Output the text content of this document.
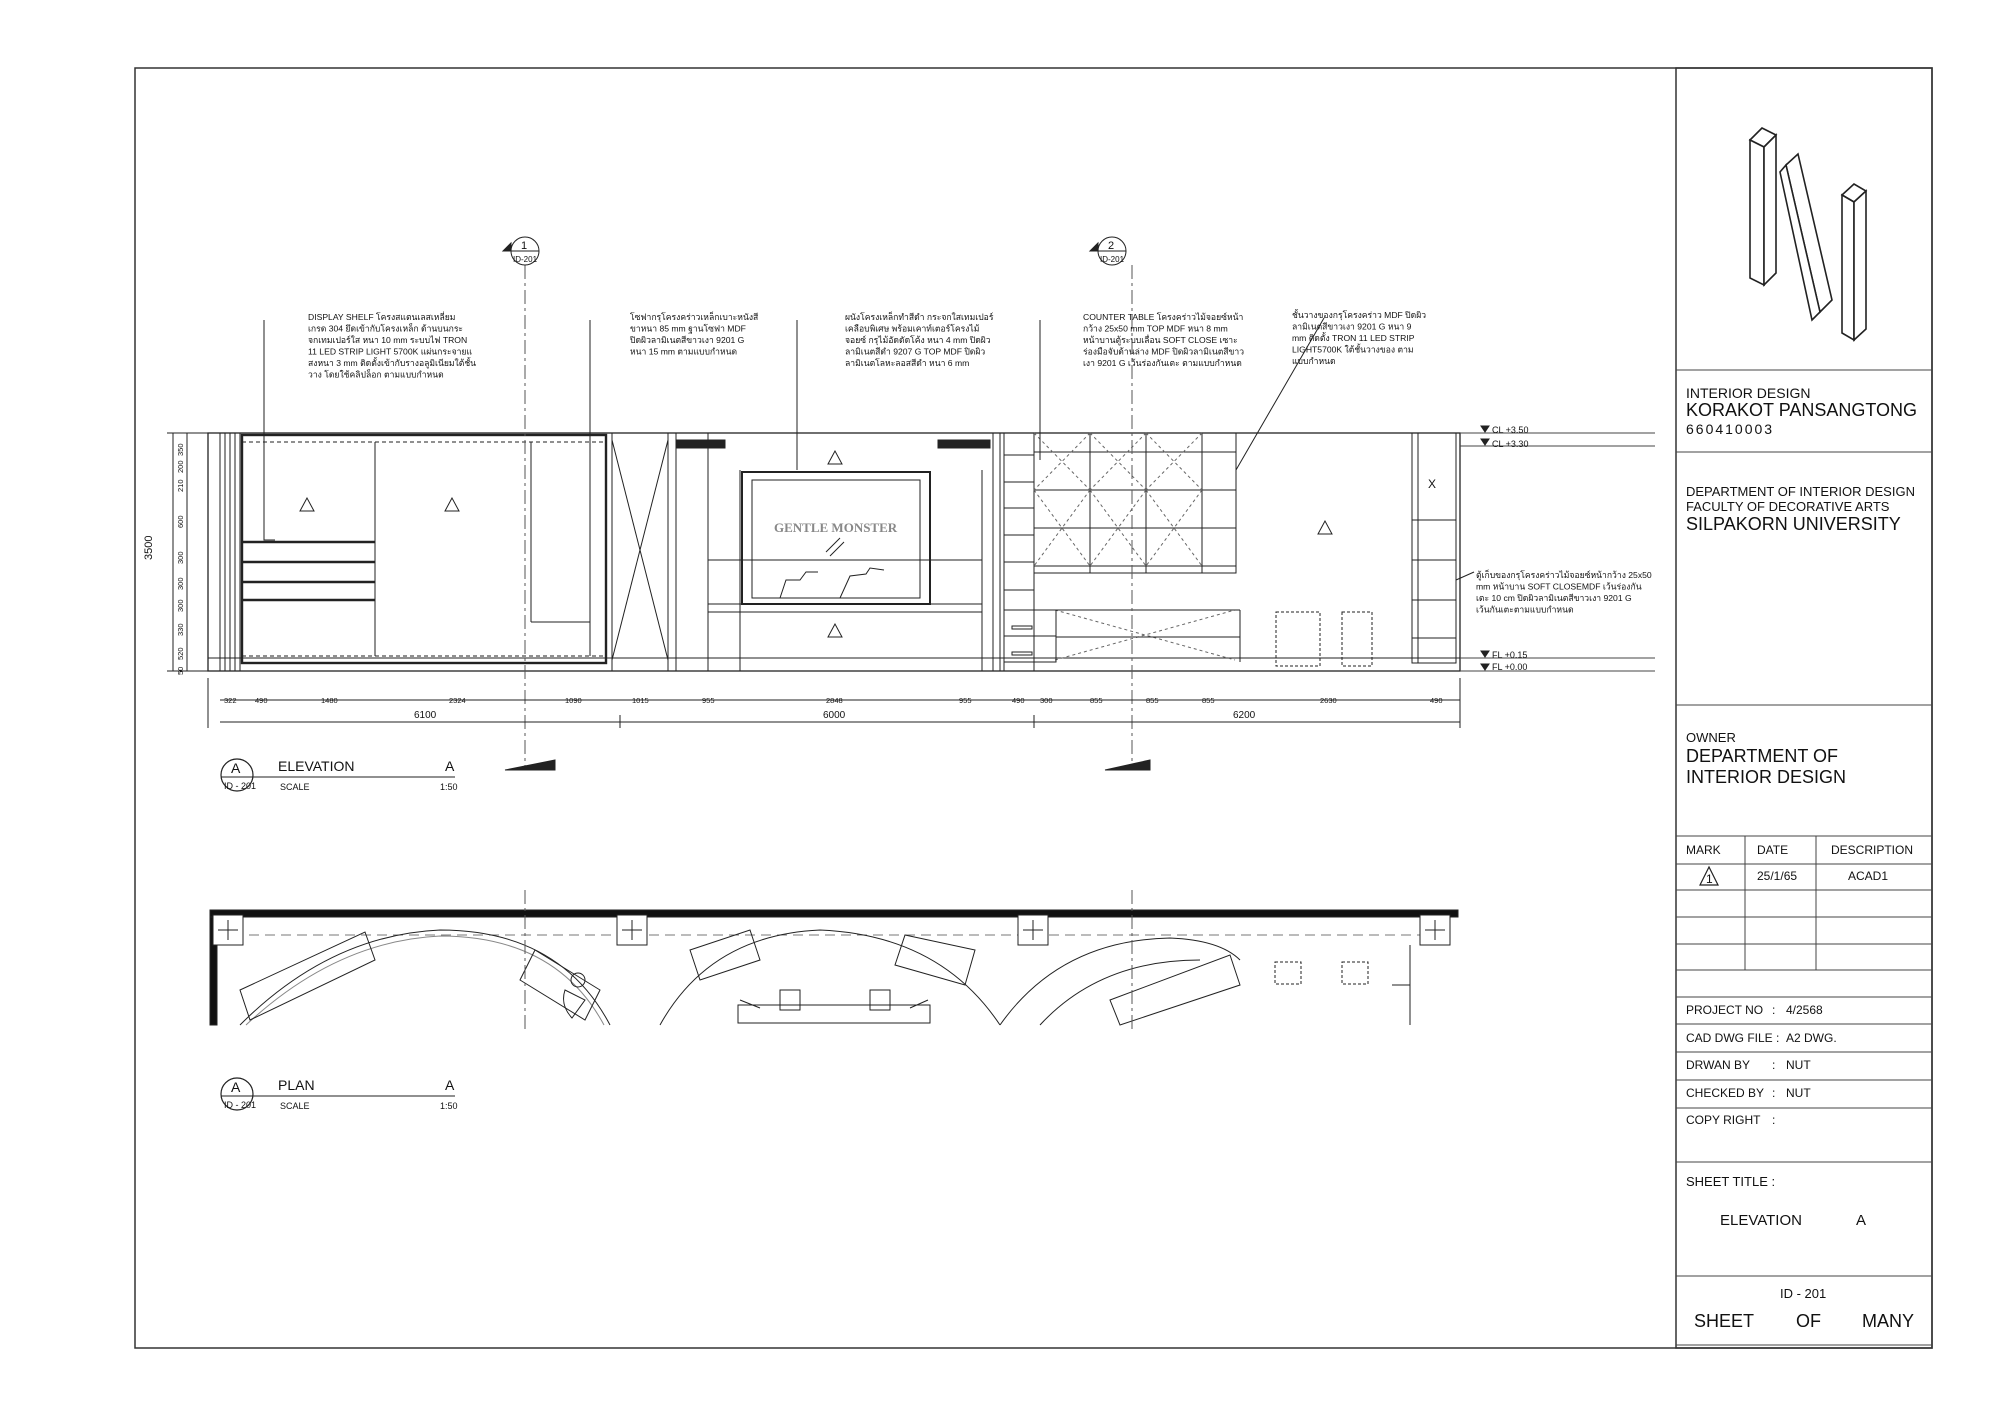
X
3500
350
200
210
600
300
300
300
330
520
50
322 490	1480	2324	1090	1015	955	2848	955	490 300	855	855	855	2630	490
6100	6000	6200
1
ID-201
2
ID-201
GENTLE MONSTER
CL +3.50
CL +3.30
FL +0.15
FL +0.00
DISPLAY SHELF โครงสแตนเลสเหลี่ยม
เกรด 304 ยึดเข้ากับโครงเหล็ก ด้านบนกระ
จกเทมเปอร์ใส หนา 10 mm ระบบไฟ TRON
11 LED STRIP LIGHT 5700K แผ่นกระจายแ
สงหนา 3 mm ติดตั้งเข้ากับรางอลูมิเนียมใต้ชั้น
วาง โดยใช้คลิปล็อก ตามแบบกำหนด
โซฟากรุโครงคร่าวเหล็กเบาะหนังสี
ขาหนา 85 mm ฐานโซฟา MDF
ปิดผิวลามิเนตสีขาวเงา 9201 G
หนา 15 mm ตามแบบกำหนด
ผนังโครงเหล็กทำสีดำ กระจกใสเทมเปอร์
เคลือบพิเศษ พร้อมเคาท์เตอร์โครงไม้
จอยซ์ กรุไม้อัดดัดโค้ง หนา 4 mm ปิดผิว
ลามิเนตสีดำ 9207 G TOP MDF ปิดผิว
ลามิเนตโลหะลอสสีดำ หนา 6 mm
COUNTER TABLE โครงคร่าวไม้จอยซ์หน้า
กว้าง 25x50 mm TOP MDF หนา 8 mm
หน้าบานตู้ระบบเลื่อน SOFT CLOSE เซาะ
ร่องมือจับด้านล่าง MDF ปิดผิวลามิเนตสีขาว
เงา 9201 G เว้นร่องกันเตะ ตามแบบกำหนด
ชั้นวางของกรุโครงคร่าว MDF ปิดผิว
ลามิเนตสีขาวเงา 9201 G หนา 9
mm ติดตั้ง TRON 11 LED STRIP
LIGHT5700K ใต้ชั้นวางของ ตาม
แบบกำหนด
ตู้เก็บของกรุโครงคร่าวไม้จอยซ์หน้ากว้าง 25x50
mm หน้าบาน SOFT CLOSEMDF เว้นร่องกัน
เตะ 10 cm ปิดผิวลามิเนตสีขาวเงา 9201 G
เว้นกันเตะตามแบบกำหนด
A
ID - 201
ELEVATION	A
SCALE	1:50
A
ID - 201
PLAN	A
SCALE	1:50
INTERIOR DESIGN
KORAKOT PANSANGTONG
660410003
DEPARTMENT OF INTERIOR DESIGN
FACULTY OF DECORATIVE ARTS
SILPAKORN UNIVERSITY
OWNER
DEPARTMENT OF
INTERIOR DESIGN
MARK	DATE	DESCRIPTION
1	25/1/65	ACAD1
PROJECT NO : 4/2568
CAD DWG FILE : A2 DWG.
DRWAN BY : NUT
CHECKED BY : NUT
COPY RIGHT :
SHEET TITLE :
ELEVATION	A
ID - 201
SHEET OF MANY
